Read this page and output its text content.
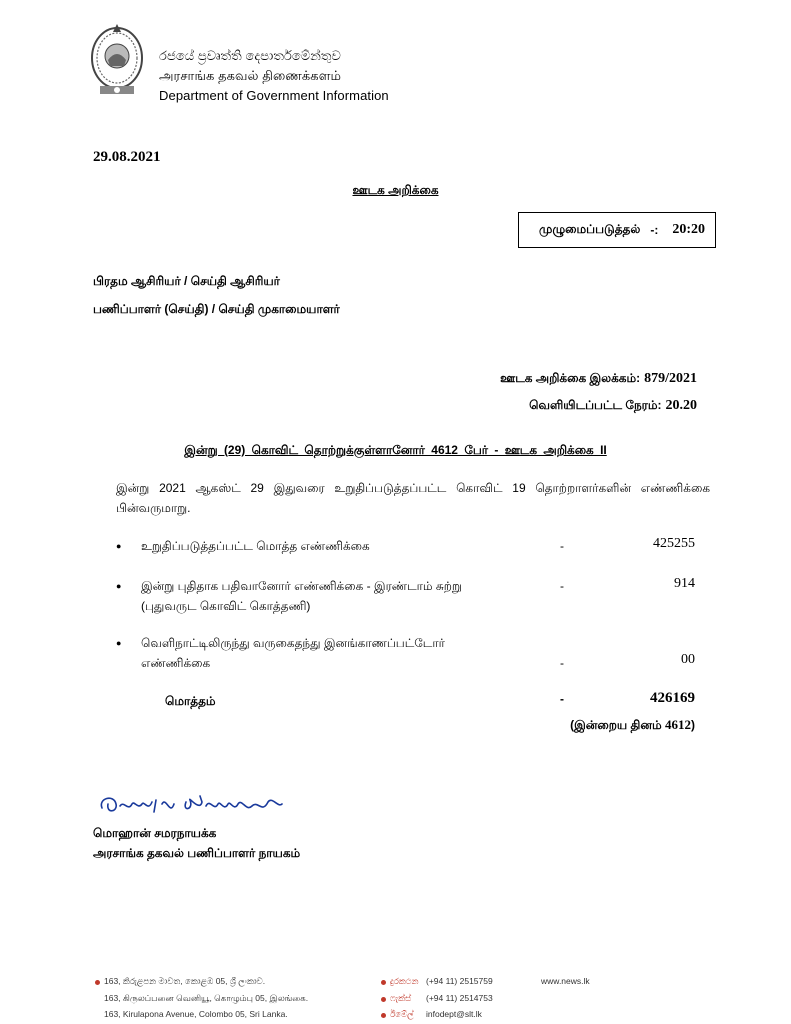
රජයේ ප්‍රවෘත්ති දෙපාර්තමේන්තුව
அரசாங்க தகவல் திணைக்களம்
Department of Government Information
29.08.2021
ஊடக அறிக்கை
முழுமைப்படுத்தல் -: 20:20
பிரதம ஆசிரியர் / செய்தி ஆசிரியர்
பணிப்பாளர் (செய்தி) / செய்தி முகாமையாளர்
ஊடக அறிக்கை இலக்கம்: 879/2021
வெளியிடப்பட்ட நேரம்: 20.20
இன்று (29) கொவிட் தொற்றுக்குள்ளானோர் 4612 பேர் - ஊடக அறிக்கை II
இன்று 2021 ஆகஸ்ட் 29 இதுவரை உறுதிப்படுத்தப்பட்ட கொவிட் 19 தொற்றாளர்களின் எண்ணிக்கை பின்வருமாறு.
● உறுதிப்படுத்தப்பட்ட மொத்த எண்ணிக்கை	-	425255
● இன்று புதிதாக பதிவானோர் எண்ணிக்கை - இரண்டாம் சுற்று
(புதுவருட கொவிட் கொத்தணி)
-	914
● வெளிநாட்டிலிருந்து வருகைதந்து இனங்காணப்பட்டோர்
எண்ணிக்கை	-	00
மொத்தம்	-	426169
(இன்றைய தினம் 4612)
மொஹான் சமரநாயக்க
அரசாங்க தகவல் பணிப்பாளர் நாயகம்
163, කිරුළපන මාවත, කොළඹ 05, ශ්‍රී ලංකාව.
163, கிருலப்பனை வெனியூ, கொழும்பு 05, இலங்கை.
163, Kirulapona Avenue, Colombo 05, Sri Lanka.
දුරකථන (+94 11) 2515759
ෆැක්ස් (+94 11) 2514753
ඊමේල් infodept@slt.lk
www.news.lk
